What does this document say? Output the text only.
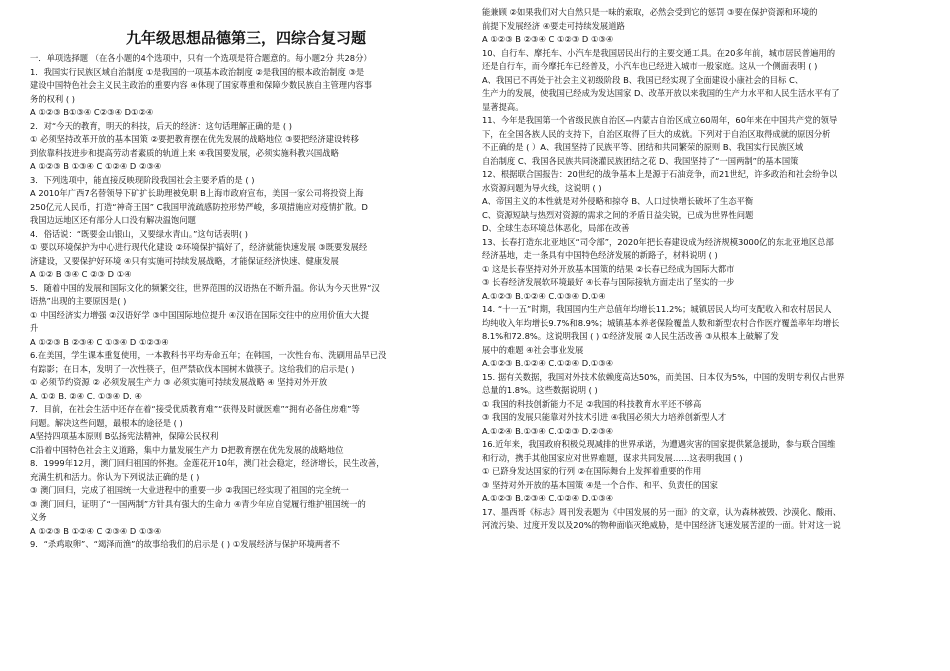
九年级思想品德第三，四综合复习题
一．单项选择题 （在各小题的4个选项中，只有一个选项是符合题意的。每小题2分 共28分）
1．我国实行民族区域自治制度 ①是我国的一项基本政治制度 ②是我国的根本政治制度 ③是
建设中国特色社会主义民主政治的重要内容 ④体现了国家尊重和保障少数民族自主管理内容事
务的权利 ( )
A ①②③ B①③④ C②③④ D①②④
2．对“今天的教育，明天的科技，后天的经济：这句话理解正确的是 ( )
① 必须坚持改革开放的基本国策 ②要把教育摆在优先发展的战略地位 ③要把经济建设转移
到依靠科技进步和提高劳动者素质的轨道上来 ④我国要发展，必须实施科教兴国战略
A ①②③ B ①③④ C ①②④ D ②③④
3．下列选项中，能直接反映现阶段我国社会主要矛盾的是 ( )
A 2010年广西7名替领导下矿扩长助理被免职 B上海市政府宣布，美国一家公司将投资上海
250亿元人民币，打造“神奇王国” C我国甲流疏感防控形势严峻，多项措施应对疫情扩散。D
我国边远地区还有部分人口没有解决温饱问题
4．俗话说：“既要金山银山，又要绿水青山。”这句话表明( )
① 要以环境保护为中心进行现代化建设 ②环境保护搞好了，经济就能快速发展 ③既要发展经
济建设，又要保护好环境 ④只有实施可持续发展战略，才能保证经济快速、健康发展
A ①② B ③④ C ②③ D ①④
5．随着中国的发展和国际文化的频繁交往，世界范围的汉语热在不断升温。你认为今天世界“汉
语热”出现的主要原因是( )
① 中国经济实力增强 ②汉语好学 ③中国国际地位提升 ④汉语在国际交往中的应用价值大大提
升
A ①②③ B ②③④ C ①③④ D ①②③④
6.在美国，学生课本重复使用，一本教科书平均寿命五年；在韩国，一次性台布、洗刷用品早已没
有踪影；在日本，发明了一次性筷子，但严禁砍伐本国树木做筷子。这给我们的启示是( )
① 必须节约资源 ② 必须发展生产力 ③ 必须实施可持续发展战略 ④ 坚持对外开放
A. ①② B. ②④ C. ①③④ D. ④
7．目前，在社会生活中还存在着“接受优质教育难”“获得及时就医难”“拥有必备住房难”等
问题。解决这些问题，最根本的途径是 ( )
A坚持四项基本原则 B弘扬宪法精神，保障公民权利
C沿着中国特色社会主义道路，集中力量发展生产力 D把教育摆在优先发展的战略地位
8．1999年12月，澳门回归祖国的怀抱。金莲花开10年，澳门社会稳定，经济增长，民生改善，
充满生机和活力。你认为下列说法正确的是 ( )
③ 澳门回归，完成了祖国统一大业进程中的重要一步 ②我国已经实现了祖国的完全统一
③ 澳门回归，证明了“一国两制”方针具有强大的生命力 ④青少年应自觉履行维护祖国统一的
义务
A ①②③ B ①②④ C ②③④ D ①③④
9．“杀鸡取卵”、“竭泽而渔”的故事给我们的启示是 ( ) ①发展经济与保护环境两者不
能兼顾 ②如果我们对大自然只是一味的索取，必然会受到它的惩罚 ③要在保护资源和环境的
前提下发展经济 ④要走可持续发展道路
A ①②③ B ②③④ C ①②③ D ①③④
10、自行车、摩托车、小汽车是我国居民出行的主要交通工具。在20多年前，城市居民普遍用的
还是自行车，而今摩托车已经普及，小汽车也已经进入城市一般家庭。这从一个侧面表明 ( )
A、我国已不再处于社会主义初级阶段 B、我国已经实现了全面建设小康社会的目标 C、
生产力的发展，使我国已经成为发达国家 D、改革开放以来我国的生产力水平和人民生活水平有了
显著提高。
11、今年是我国第一个省级民族自治区—内蒙古自治区成立60周年，60年来在中国共产党的领导
下，在全国各族人民的支持下，自治区取得了巨大的成就。下列对于自治区取得成就的原因分析
不正确的是 ( ）A、我国坚持了民族平等、团结和共同繁荣的原则 B、我国实行民族区域
自治制度 C、我国各民族共同浇灌民族团结之花 D、我国坚持了“一国两制”的基本国策
12、根据联合国报告：20世纪的战争基本上是源于石油竞争，而21世纪，许多政治和社会纷争以
水资源问题为导火线，这说明 ( )
A、帝国主义的本性就是对外侵略和掠夺 B、人口过快增长破坏了生态平衡
C、资源短缺与热烈对资源的需求之间的矛盾日益尖锐，已成为世界性问题
D、全球生态环境总体恶化，局部在改善
13、长春打造东北亚地区“司令部”，2020年把长春建设成为经济规模3000亿的东北亚地区总部
经济基地，走一条具有中国特色经济发展的新路子，材料说明 ( )
① 这是长春坚持对外开放基本国策的结果 ②长春已经成为国际大都市
③ 长春经济发展软环境最好 ④长春与国际接轨方面走出了坚实的一步
A.①②③ B.①②④ C.①③④ D.①④
14. “十一五”时期，我国国内生产总值年均增长11.2%；城镇居民人均可支配收入和农村居民人
均纯收入年均增长9.7%和8.9%；城镇基本养老保险覆盖人数和新型农村合作医疗覆盖率年均增长
8.1%和72.8%。这说明我国 ( ) ①经济发展 ②人民生活改善 ③从根本上破解了发
展中的难题 ④社会事业发展
A.①②③ B.①②④ C.①②④ D.①③④
15. 据有关数据，我国对外技术依赖度高达50%，而美国、日本仅为5%，中国的发明专利仅占世界
总量的1.8%。这些数据说明 ( )
① 我国的科技创新能力不足 ②我国的科技教育水平还不够高
③ 我国的发展只能靠对外技术引进 ④我国必须大力培养创新型人才
A.①②④ B.①③④ C.①②③ D.②③④
16.近年来，我国政府积极兑现减排的世界承诺，为遭遇灾害的国家提供紧急援助，参与联合国维
和行动，携手其他国家应对世界难题，谋求共同发展……这表明我国 ( )
① 已跻身发达国家的行列 ②在国际舞台上发挥着重要的作用
③ 坚持对外开放的基本国策 ④是一个合作、和平、负责任的国家
A.①②③ B.②③④ C.①②④ D.①③④
17、墨西哥《标志》周刊发表题为《中国发展的另一面》的文章，认为森林被毁、沙漠化、酸雨、
河流污染、过度开发以及20%的物种面临灭绝威胁，是中国经济飞速发展苦涩的一面。针对这一说
